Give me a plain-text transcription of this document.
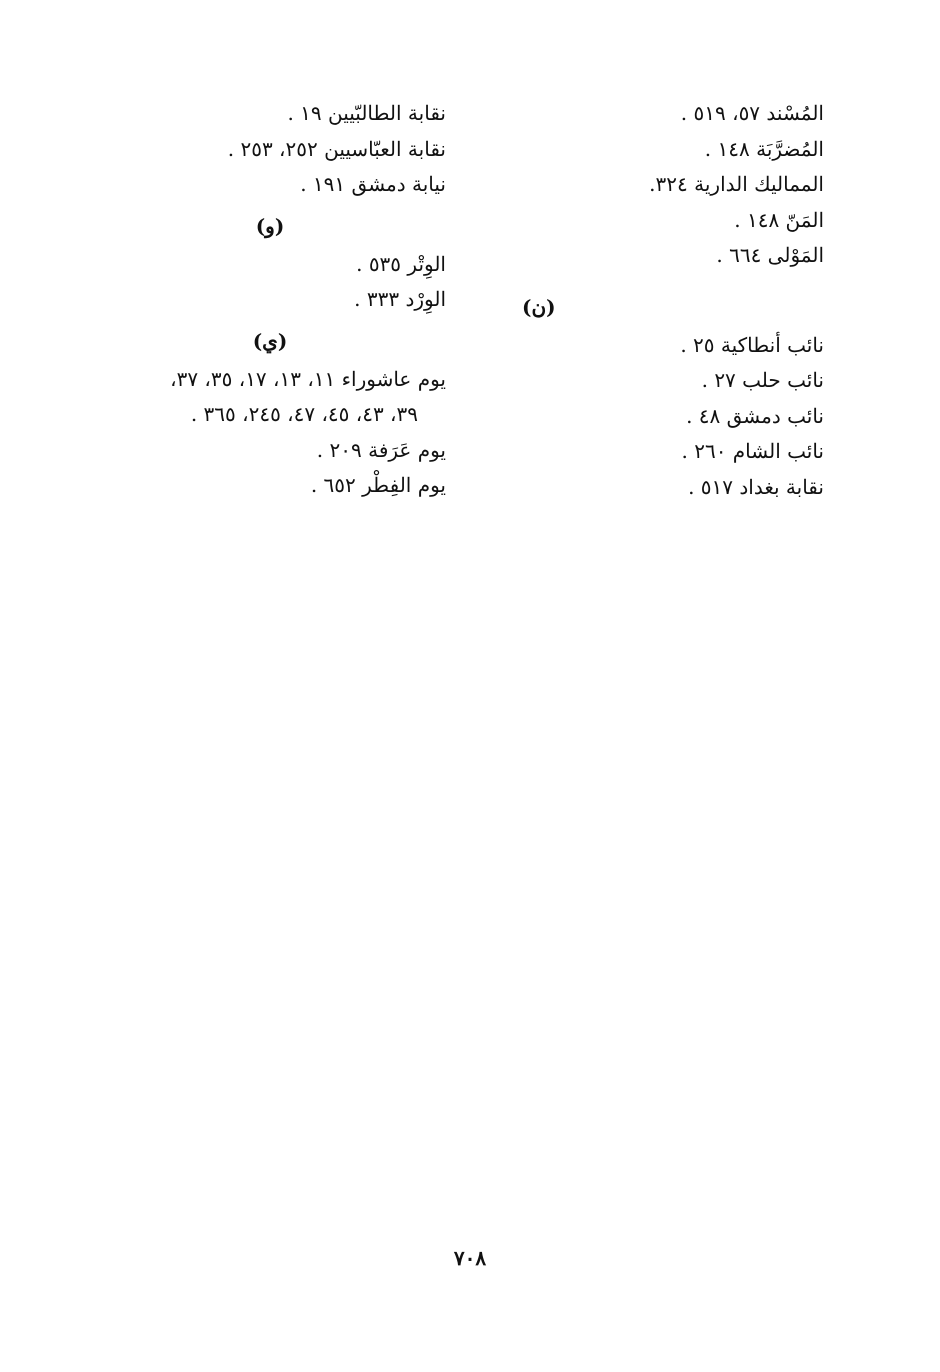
المُسْند ٥٧، ٥١٩ .
المُضرَّبَة ١٤٨ .
المماليك الدارية ٣٢٤.
المَنّ ١٤٨ .
المَوْلى ٦٦٤ .
(ن)
نائب أنطاكية ٢٥ .
نائب حلب ٢٧ .
نائب دمشق ٤٨ .
نائب الشام ٢٦٠ .
نقابة بغداد ٥١٧ .
نقابة الطالبّيين ١٩ .
نقابة العبّاسيين ٢٥٢، ٢٥٣ .
نيابة دمشق ١٩١ .
(و)
الوِتْر ٥٣٥ .
الوِرْد ٣٣٣ .
(ي)
يوم عاشوراء ١١، ١٣، ١٧، ٣٥، ٣٧،
٣٩، ٤٣، ٤٥، ٤٧، ٢٤٥، ٣٦٥ .
يوم عَرَفة ٢٠٩ .
يوم الفِطْر ٦٥٢ .
٧٠٨
